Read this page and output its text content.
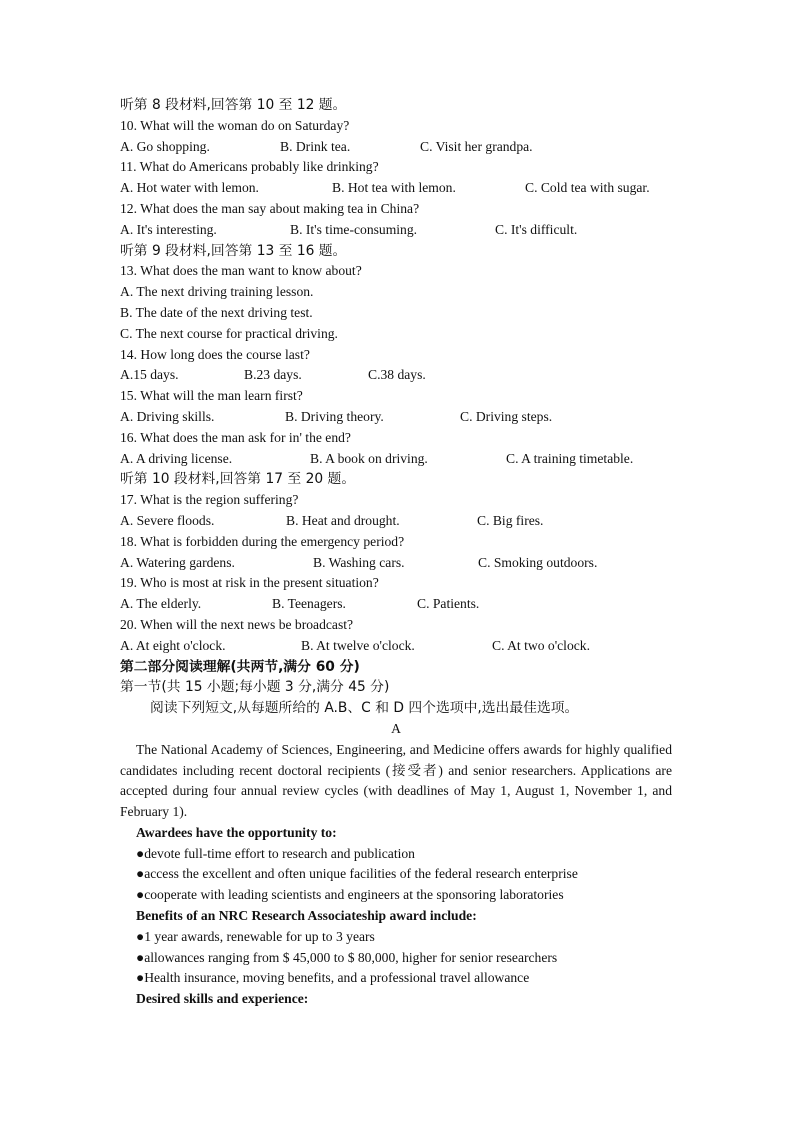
听第 8 段材料,回答第 10 至 12 题。
10. What will the woman do on Saturday?
A. Go shopping.	B. Drink tea.	C. Visit her grandpa.
11. What do Americans probably like drinking?
A. Hot water with lemon.	B. Hot tea with lemon.	C. Cold tea with sugar.
12. What does the man say about making tea in China?
A. It's interesting.	B. It's time-consuming.	C. It's difficult.
听第 9 段材料,回答第 13 至 16 题。
13. What does the man want to know about?
A. The next driving training lesson.
B. The date of the next driving test.
C. The next course for practical driving.
14. How long does the course last?
A.15 days.	B.23 days.	C.38 days.
15. What will the man learn first?
A. Driving skills.	B. Driving theory.	C. Driving steps.
16. What does the man ask for in' the end?
A. A driving license.	B. A book on driving.	C. A training timetable.
听第 10 段材料,回答第 17 至 20 题。
17. What is the region suffering?
A. Severe floods.	B. Heat and drought.	C. Big fires.
18. What is forbidden during the emergency period?
A. Watering gardens.	B. Washing cars.	C. Smoking outdoors.
19. Who is most at risk in the present situation?
A. The elderly.	B. Teenagers.	C. Patients.
20. When will the next news be broadcast?
A. At eight o'clock.	B. At twelve o'clock.	C. At two o'clock.
第二部分阅读理解(共两节,满分 60 分)
第一节(共 15 小题;每小题 3 分,满分 45 分)
阅读下列短文,从每题所给的 A.B、C 和 D 四个选项中,选出最佳选项。
A
The National Academy of Sciences, Engineering, and Medicine offers awards for highly qualified candidates including recent doctoral recipients (接受者) and senior researchers. Applications are accepted during four annual review cycles (with deadlines of May 1, August 1, November 1, and February 1).
Awardees have the opportunity to:
●devote full-time effort to research and publication
●access the excellent and often unique facilities of the federal research enterprise
●cooperate with leading scientists and engineers at the sponsoring laboratories
Benefits of an NRC Research Associateship award include:
●1 year awards, renewable for up to 3 years
●allowances ranging from $ 45,000 to $ 80,000, higher for senior researchers
●Health insurance, moving benefits, and a professional travel allowance
Desired skills and experience:
